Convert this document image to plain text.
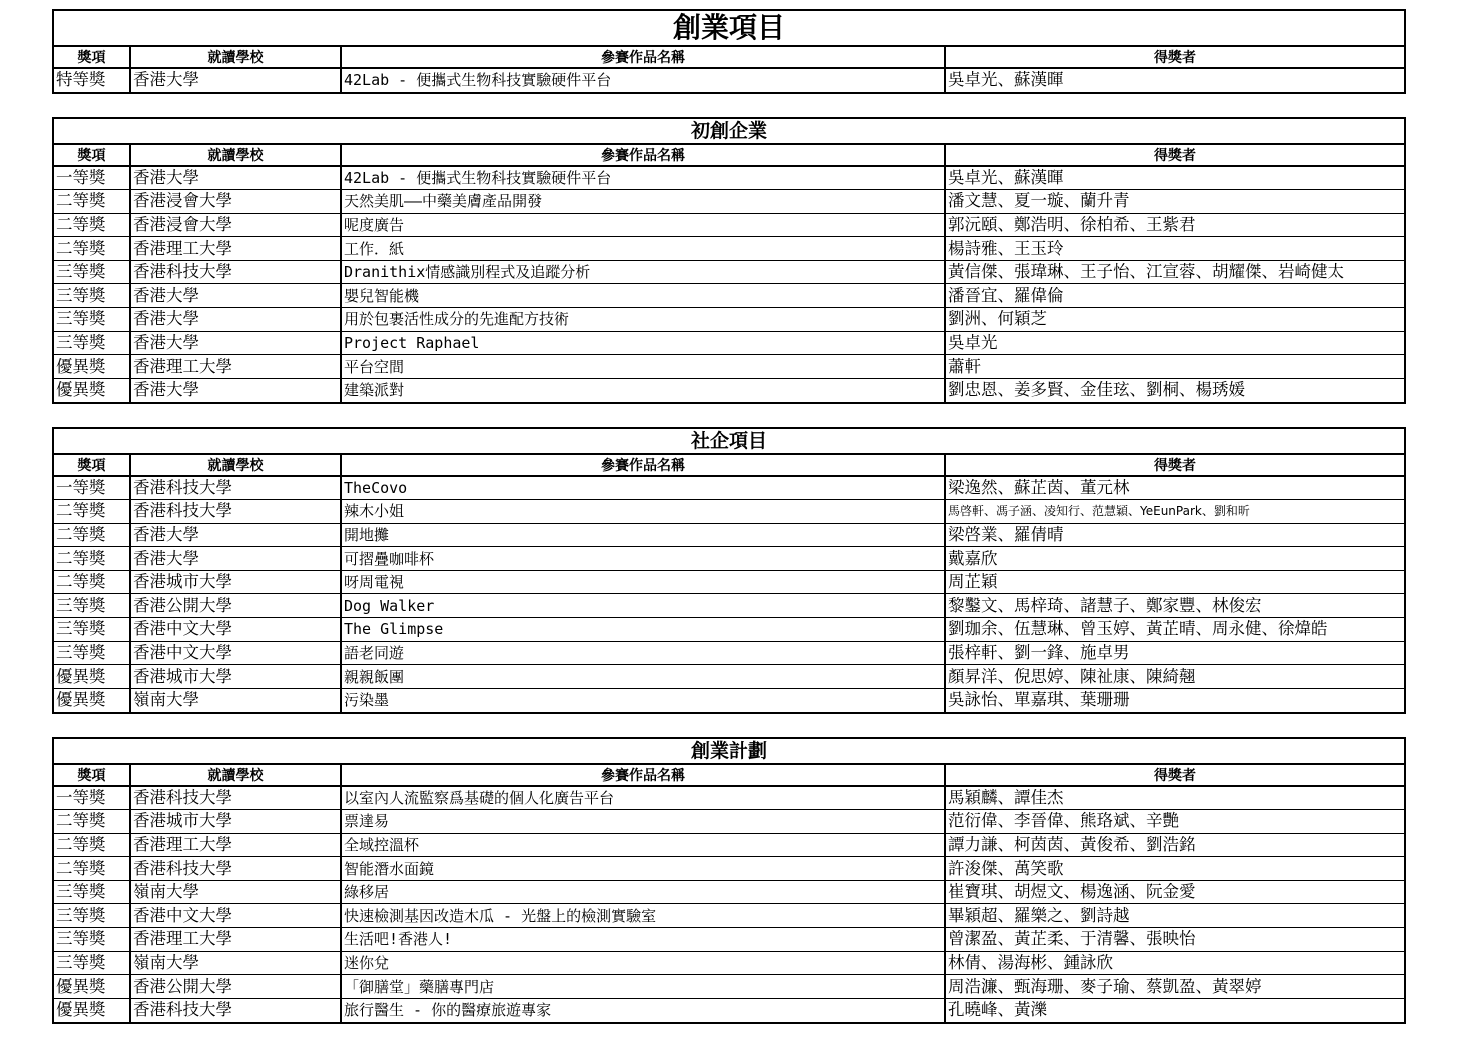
創業項目
獎項	就讀學校	參賽作品名稱	得獎者
特等獎	香港大學	42Lab - 便攜式生物科技實驗硬件平台	吳卓光、蘇漢暉
初創企業
獎項	就讀學校	參賽作品名稱	得獎者
一等獎	香港大學	42Lab - 便攜式生物科技實驗硬件平台	吳卓光、蘇漢暉
二等獎	香港浸會大學	天然美肌——中藥美膚產品開發	潘文慧、夏一璇、蘭升青
二等獎	香港浸會大學	呢度廣告	郭沅頤、鄭浩明、徐柏希、王紫君
二等獎	香港理工大學	工作．紙	楊詩雅、王玉玲
三等獎	香港科技大學	Dranithix情感識別程式及追蹤分析	黃信傑、張瑋琳、王子怡、江宣蓉、胡耀傑、岩崎健太
三等獎	香港大學	嬰兒智能機	潘晉宜、羅偉倫
三等獎	香港大學	用於包裹活性成分的先進配方技術	劉洲、何穎芝
三等獎	香港大學	Project Raphael	吳卓光
優異獎	香港理工大學	平台空間	蕭軒
優異獎	香港大學	建築派對	劉忠恩、姜多賢、金佳玹、劉桐、楊琇媛
社企項目
獎項	就讀學校	參賽作品名稱	得獎者
一等獎	香港科技大學	TheCovo	梁逸然、蘇芷茵、董元林
二等獎	香港科技大學	辣木小姐	馬啓軒、馮子涵、凌知行、范慧穎、YeEunPark、劉和昕
二等獎	香港大學	開地攤	梁啓業、羅倩晴
二等獎	香港大學	可摺疊咖啡杯	戴嘉欣
二等獎	香港城市大學	呀周電視	周芷穎
三等獎	香港公開大學	Dog Walker	黎鑿文、馬梓琦、諸慧子、鄭家豐、林俊宏
三等獎	香港中文大學	The Glimpse	劉珈余、伍慧琳、曾玉婷、黃芷晴、周永健、徐煒皓
三等獎	香港中文大學	語老同遊	張梓軒、劉一鋒、施卓男
優異獎	香港城市大學	親親飯團	顏昇洋、倪思婷、陳祉康、陳綺翹
優異獎	嶺南大學	污染墨	吳詠怡、單嘉琪、葉珊珊
創業計劃
獎項	就讀學校	參賽作品名稱	得獎者
一等獎	香港科技大學	以室內人流監察爲基礎的個人化廣告平台	馬穎麟、譚佳杰
二等獎	香港城市大學	票達易	范衍偉、李晉偉、熊珞斌、辛艷
二等獎	香港理工大學	全域控溫杯	譚力謙、柯茵茵、黃俊希、劉浩銘
二等獎	香港科技大學	智能潛水面鏡	許浚傑、萬笑歌
三等獎	嶺南大學	綠移居	崔寶琪、胡煜文、楊逸涵、阮金愛
三等獎	香港中文大學	快速檢測基因改造木瓜 - 光盤上的檢測實驗室	畢穎超、羅樂之、劉詩越
三等獎	香港理工大學	生活吧!香港人!	曾潔盈、黃芷柔、于清馨、張映怡
三等獎	嶺南大學	迷你兌	林倩、湯海彬、鍾詠欣
優異獎	香港公開大學	「御膳堂」藥膳專門店	周浩濂、甄海珊、麥子瑜、蔡凱盈、黃翠婷
優異獎	香港科技大學	旅行醫生 - 你的醫療旅遊專家	孔曉峰、黃濼
